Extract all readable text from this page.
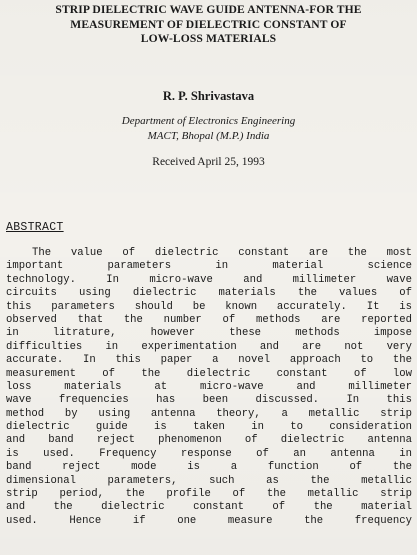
STRIP DIELECTRIC WAVE GUIDE ANTENNA-FOR THE
MEASUREMENT OF DIELECTRIC CONSTANT OF
LOW-LOSS MATERIALS
R. P. Shrivastava
Department of Electronics Engineering
MACT, Bhopal (M.P.) India
Received April 25, 1993
ABSTRACT
The value of dielectric constant are the most
important parameters in material science
technology. In micro-wave and millimeter wave
circuits using dielectric materials the values of
this parameters should be known accurately. It is
observed that the number of methods are reported
in litrature, however these methods impose
difficulties in experimentation and are not very
accurate. In this paper a novel approach to the
measurement of the dielectric constant of low
loss materials at micro-wave and millimeter
wave frequencies has been discussed. In this
method by using antenna theory, a metallic strip
dielectric guide is taken in to consideration
and band reject phenomenon of dielectric antenna
is used. Frequency response of an antenna in
band reject mode is a function of the
dimensional parameters, such as the metallic
strip period, the profile of the metallic strip
and the dielectric constant of the material
used. Hence if one measure the frequency
